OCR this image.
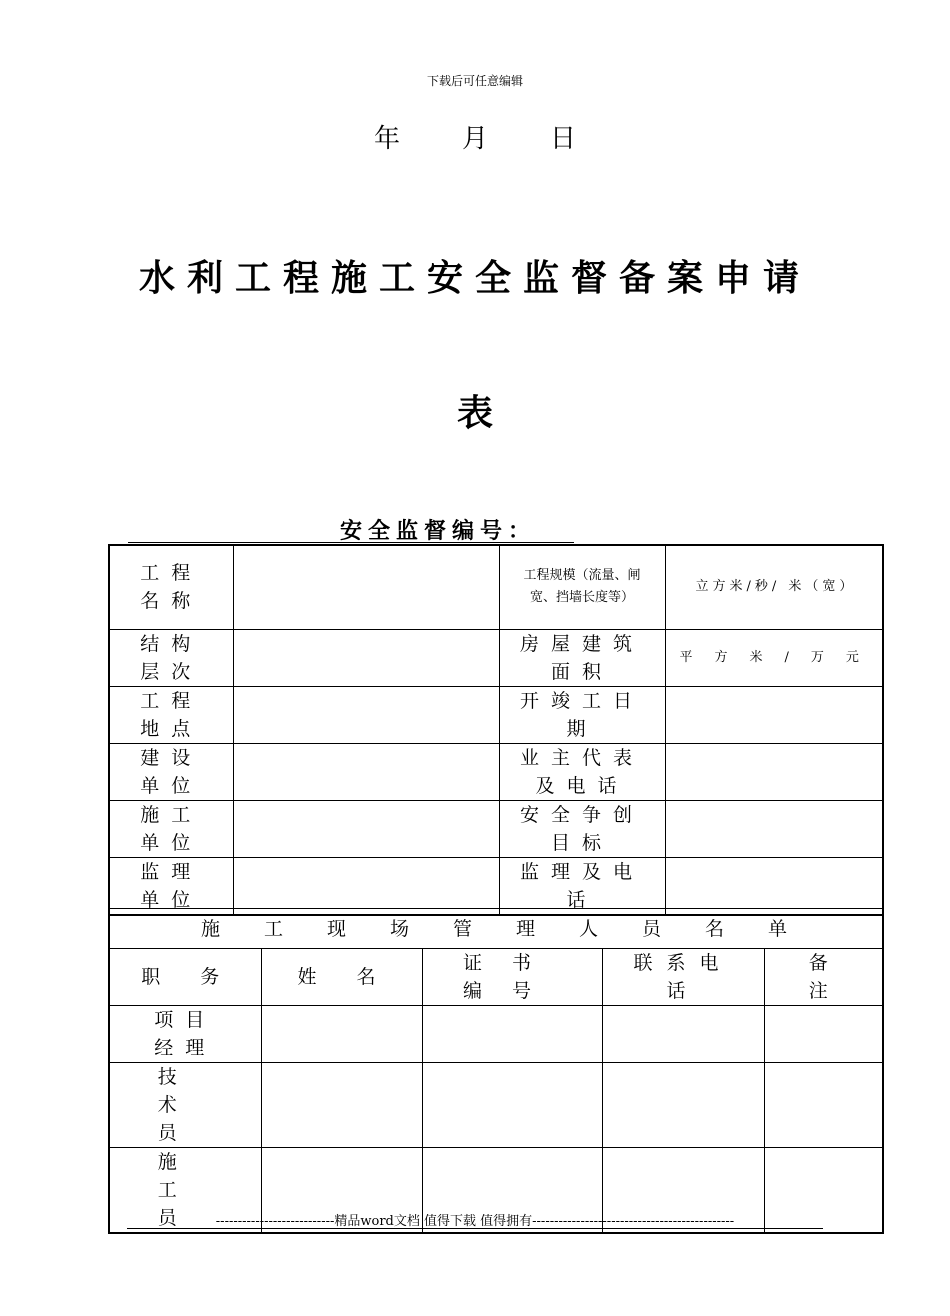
下载后可任意编辑
年 月 日
水利工程施工安全监督备案申请
表
安全监督编号：
工程名称		工程规模（流量、闸宽、挡墙长度等）	立方米/秒/ 米（宽）
结构层次		房屋建筑面积	平方米/万元
工程地点		开竣工日期	
建设单位		业主代表及电话	
施工单位		安全争创目标	
监理单位		监理及电话	
施工现场管理人员名单				
职务	姓名	证书编号	联系电话	备注
项目经理				
技术员				
施工员				---------------------------精品word文档 值得下载 值得拥有----------------------------------------------
